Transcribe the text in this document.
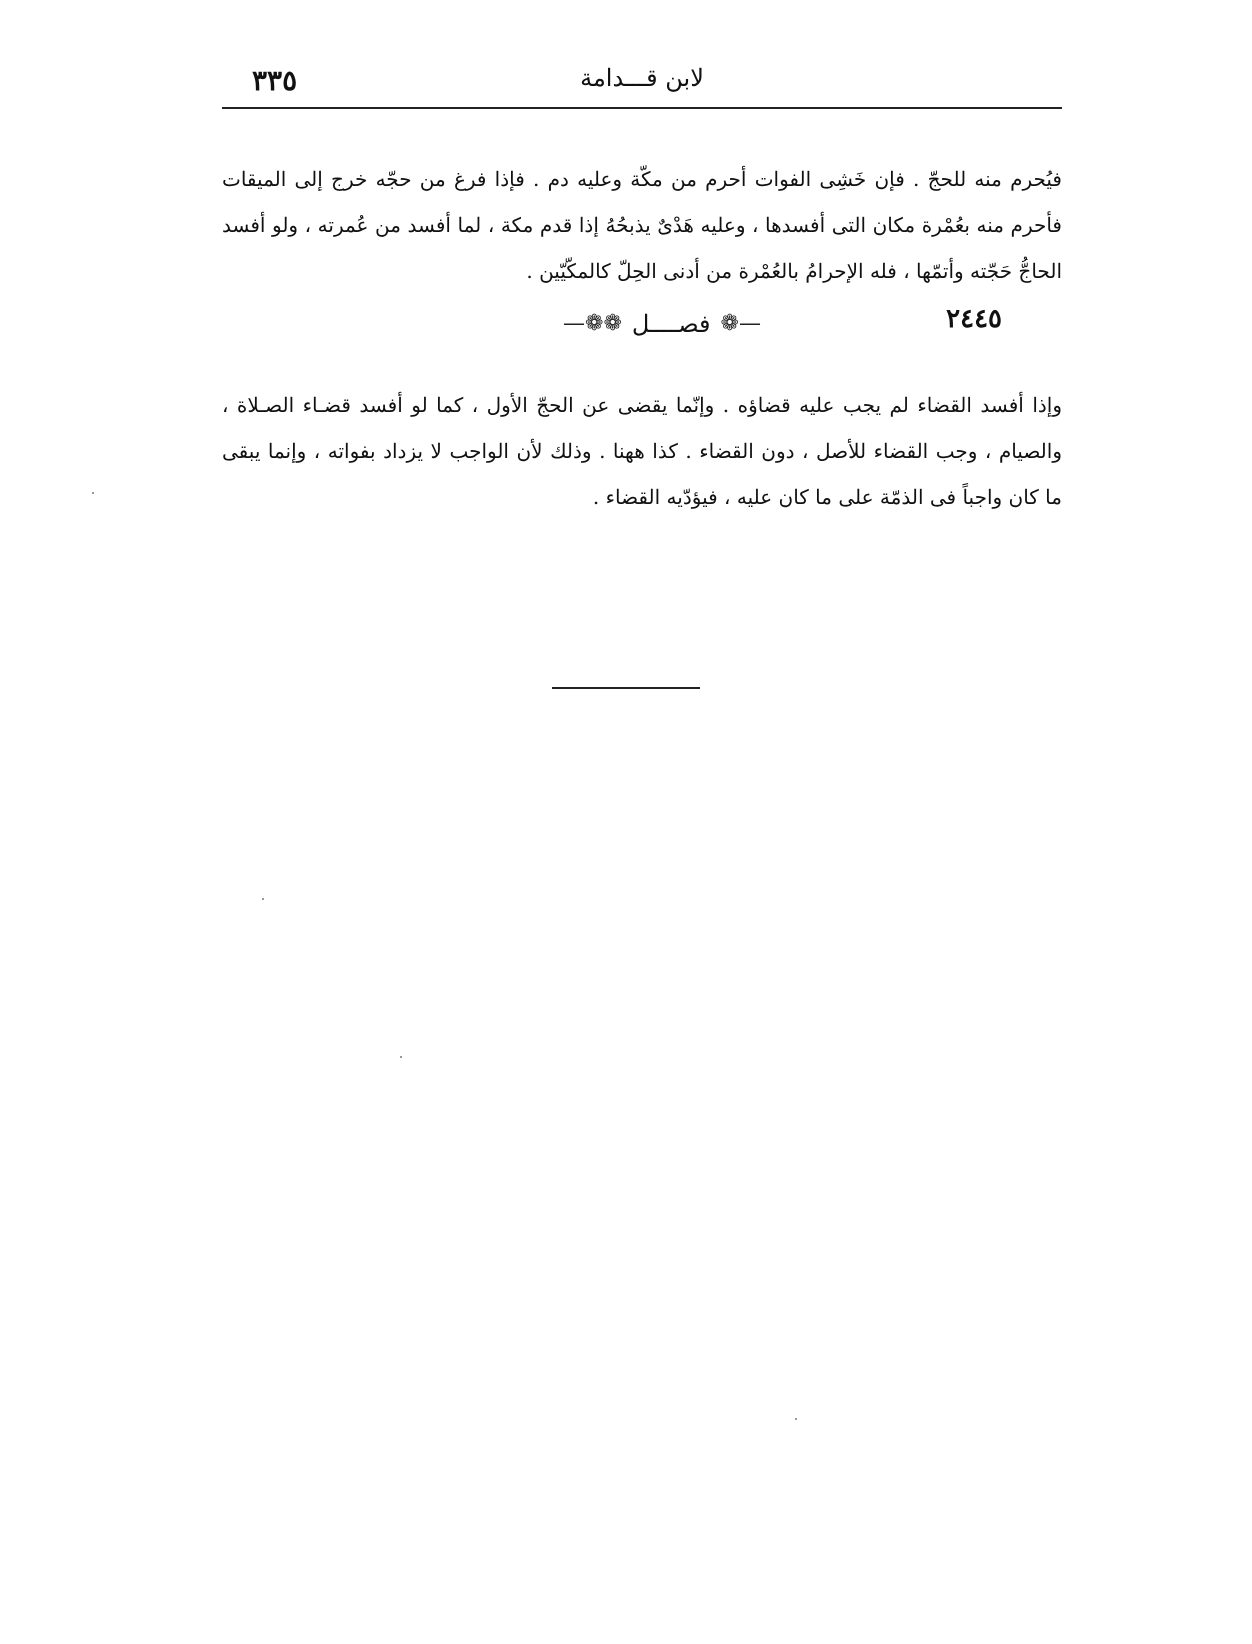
٣٣٥	لابن قـــدامة

فيُحرم منه للحجّ . فإن خَشِى الفوات أحرم من مكّة وعليه دم . فإذا فرغ من حجّه خرج إلى الميقات فأحرم منه بعُمْرة مكان التى أفسدها ، وعليه هَدْىٌ يذبحُهُ إذا قدم مكة ، لما أفسد من عُمرته ، ولو أفسد الحاجُّ حَجّته وأتمّها ، فله الإحرامُ بالعُمْرة من أدنى الحِلّ كالمكّيّين .

٢٤٤٥
—❁❁ فصــــل ❁—

وإذا أفسد القضاء لم يجب عليه قضاؤه . وإنّما يقضى عن الحجّ الأول ، كما لو أفسد قضـاء الصـلاة ، والصيام ، وجب القضاء للأصل ، دون القضاء . كذا ههنا . وذلك لأن الواجب لا يزداد بفواته ، وإنما يبقى ما كان واجباً فى الذمّة على ما كان عليه ، فيؤدّيه القضاء .
